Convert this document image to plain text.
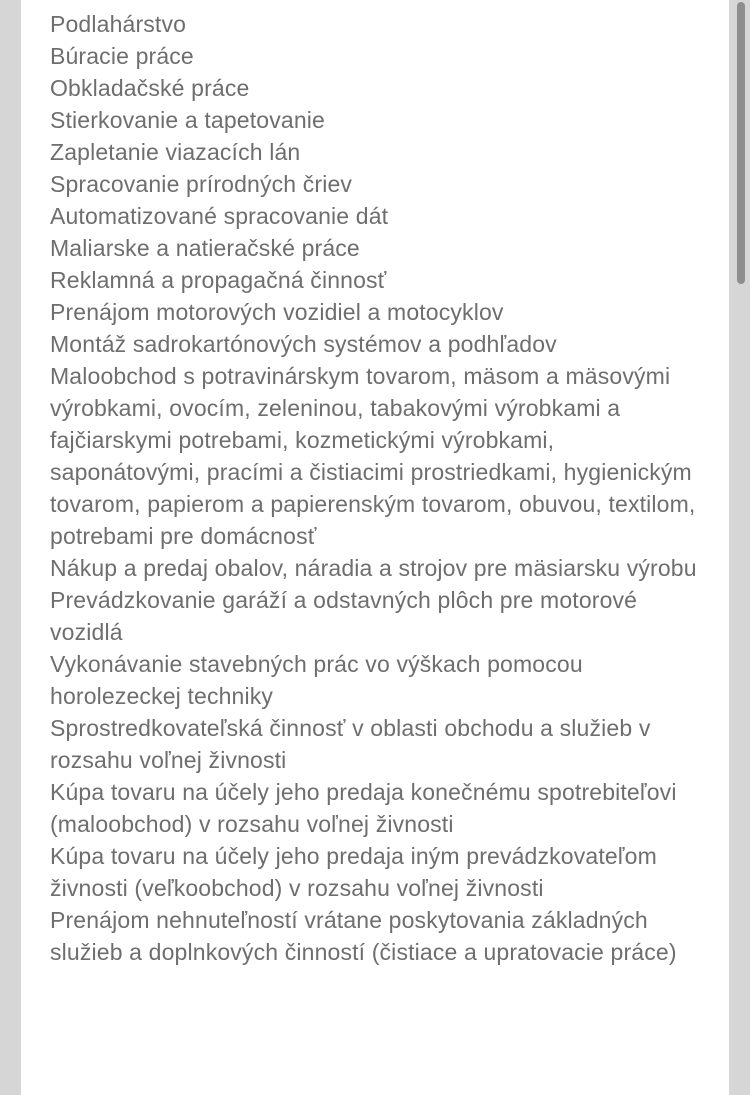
Podlahárstvo
Búracie práce
Obkladačské práce
Stierkovanie a tapetovanie
Zapletanie viazacích lán
Spracovanie prírodných čriev
Automatizované spracovanie dát
Maliarske a natieračské práce
Reklamná a propagačná činnosť
Prenájom motorových vozidiel a motocyklov
Montáž sadrokartónových systémov a podhľadov
Maloobchod s potravinárskym tovarom, mäsom a mäsovými výrobkami, ovocím, zeleninou, tabakovými výrobkami a fajčiarskymi potrebami, kozmetickými výrobkami, saponátovými, pracími a čistiacimi prostriedkami, hygienickým tovarom, papierom a papierenským tovarom, obuvou, textilom, potrebami pre domácnosť
Nákup a predaj obalov, náradia a strojov pre mäsiarsku výrobu
Prevádzkovanie garáží a odstavných plôch pre motorové vozidlá
Vykonávanie stavebných prác vo výškach pomocou horolezeckej techniky
Sprostredkovateľská činnosť v oblasti obchodu a služieb v rozsahu voľnej živnosti
Kúpa tovaru na účely jeho predaja konečnému spotrebiteľovi (maloobchod) v rozsahu voľnej živnosti
Kúpa tovaru na účely jeho predaja iným prevádzkovateľom živnosti (veľkoobchod) v rozsahu voľnej živnosti
Prenájom nehnuteľností vrátane poskytovania základných služieb a doplnkových činností (čistiace a upratovacie práce)
